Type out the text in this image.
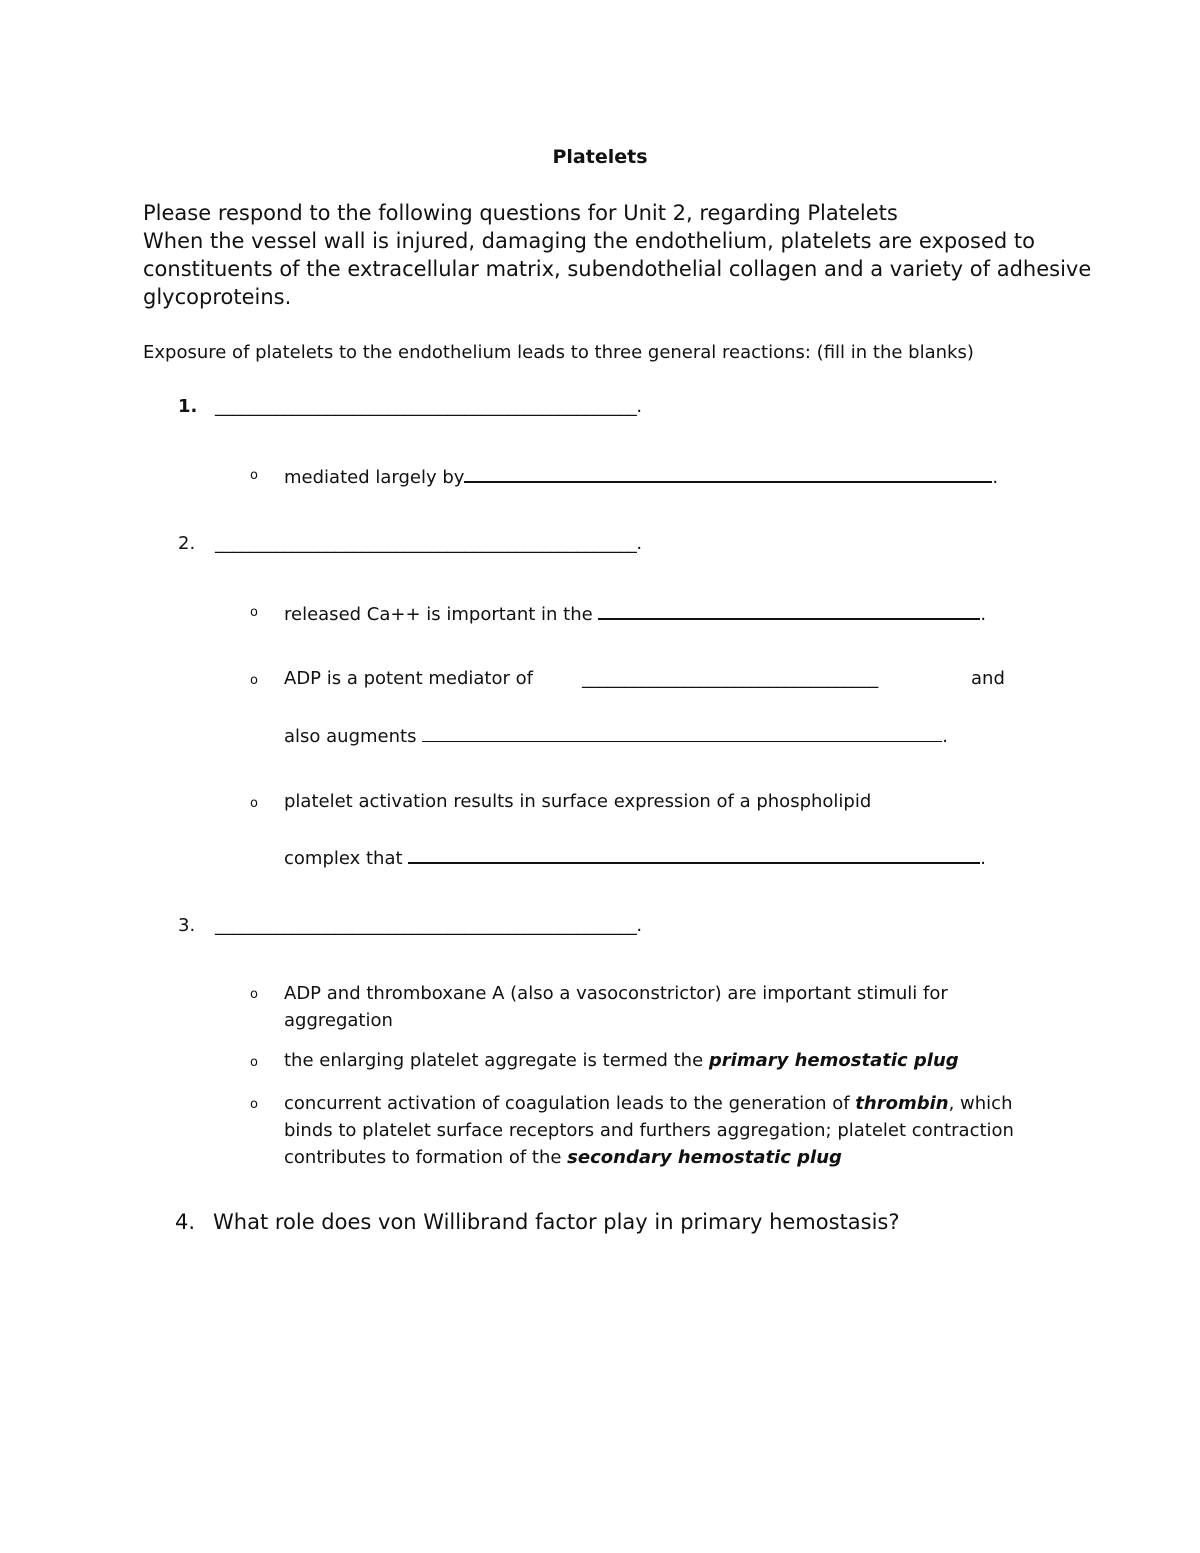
Platelets
Please respond to the following questions for Unit 2, regarding Platelets
When the vessel wall is injured, damaging the endothelium, platelets are exposed to
constituents of the extracellular matrix, subendothelial collagen and a variety of adhesive
glycoproteins.
Exposure of platelets to the endothelium leads to three general reactions: (fill in the blanks)
1. _________________________________________________.
o mediated largely by	.
2. _________________________________________________.
o released Ca++ is important in the	.
o ADP is a potent mediator of	___________________________________	and
also augments	.
o platelet activation results in surface expression of a phospholipid
complex that	.
3. _________________________________________________.
o ADP and thromboxane A (also a vasoconstrictor) are important stimuli for aggregation
o the enlarging platelet aggregate is termed the primary hemostatic plug
o concurrent activation of coagulation leads to the generation of thrombin, which binds to platelet surface receptors and furthers aggregation; platelet contraction contributes to formation of the secondary hemostatic plug
4. What role does von Willibrand factor play in primary hemostasis?
